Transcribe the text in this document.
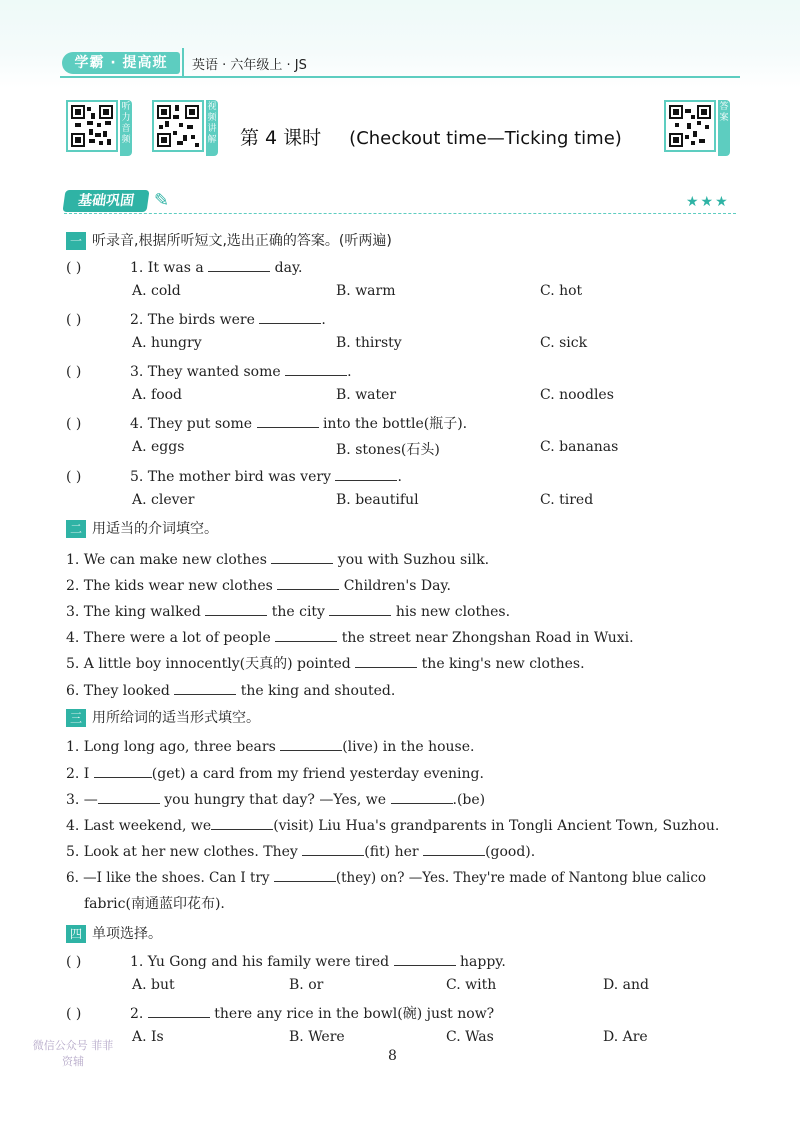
学霸 · 提高班	英语 · 六年级上 · JS
听力音频
视频讲解
答案
第 4 课时 (Checkout time—Ticking time)
基础巩固	✎	★★★
一 听录音,根据所听短文,选出正确的答案。(听两遍)
( )	1. It was a	day.
A. cold	B. warm	C. hot
( )	2. The birds were	.
A. hungry	B. thirsty	C. sick
( )	3. They wanted some	.
A. food	B. water	C. noodles
( )	4. They put some	into the bottle(瓶子).
A. eggs	B. stones(石头)	C. bananas
( )	5. The mother bird was very	.
A. clever	B. beautiful	C. tired
二 用适当的介词填空。
1. We can make new clothes	you with Suzhou silk.
2. The kids wear new clothes	Children's Day.
3. The king walked	the city	his new clothes.
4. There were a lot of people	the street near Zhongshan Road in Wuxi.
5. A little boy innocently(天真的) pointed	the king's new clothes.
6. They looked	the king and shouted.
三 用所给词的适当形式填空。
1. Long long ago, three bears	(live) in the house.
2. I	(get) a card from my friend yesterday evening.
3. —	you hungry that day? —Yes, we	.(be)
4. Last weekend, we	(visit) Liu Hua's grandparents in Tongli Ancient Town, Suzhou.
5. Look at her new clothes. They	(fit) her	(good).
6. —I like the shoes. Can I try	(they) on? —Yes. They're made of Nantong blue calico
fabric(南通蓝印花布).
四 单项选择。
( )	1. Yu Gong and his family were tired	happy.
A. but	B. or	C. with	D. and
( )	2.	there any rice in the bowl(碗) just now?
A. Is	B. Were	C. Was	D. Are
微信公众号 菲菲资辅	8
